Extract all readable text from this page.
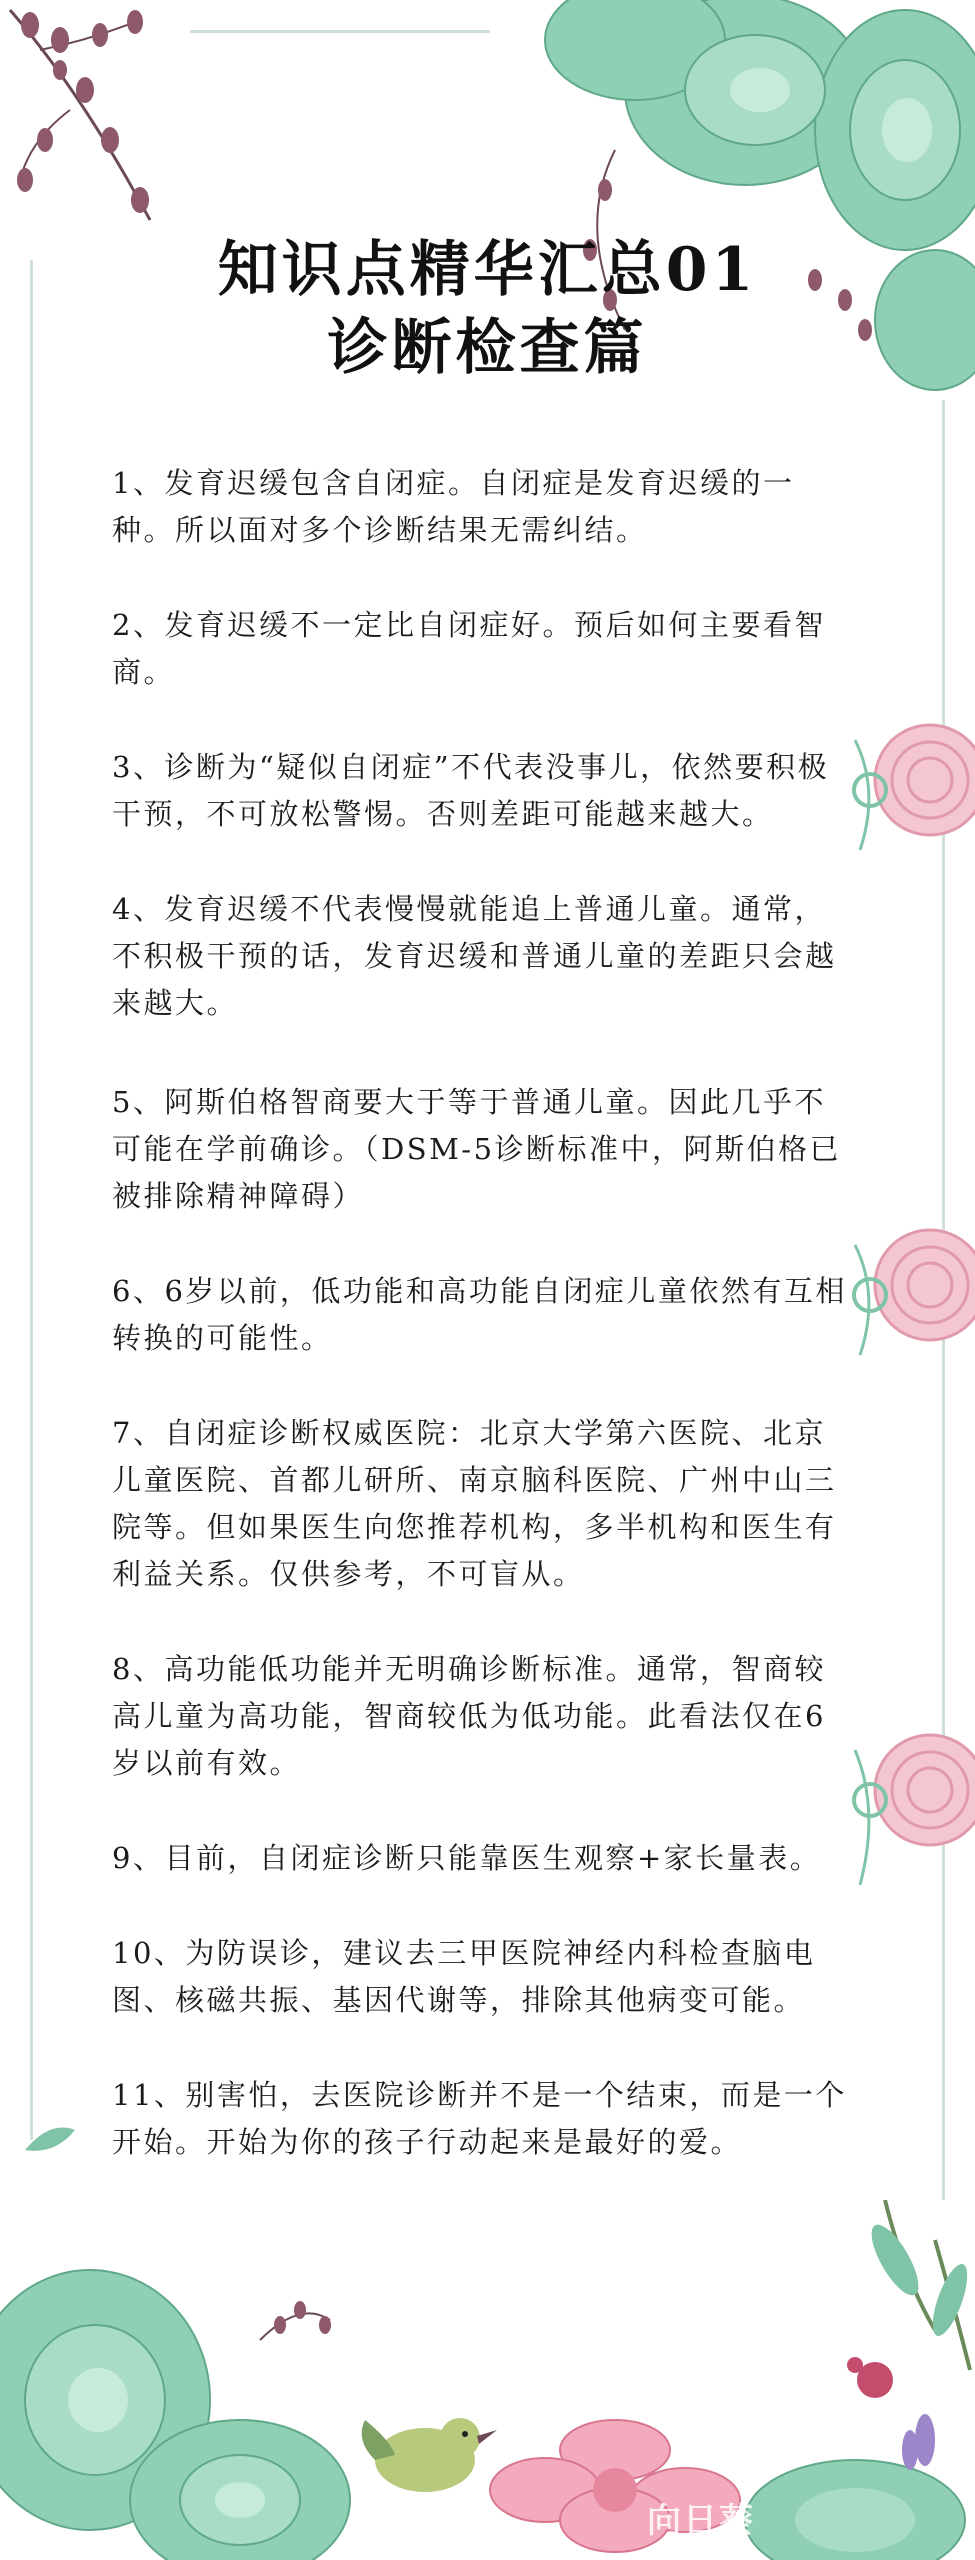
知识点精华汇总01
诊断检查篇

1、发育迟缓包含自闭症。自闭症是发育迟缓的一种。所以面对多个诊断结果无需纠结。

2、发育迟缓不一定比自闭症好。预后如何主要看智商。

3、诊断为“疑似自闭症”不代表没事儿，依然要积极干预，不可放松警惕。否则差距可能越来越大。

4、发育迟缓不代表慢慢就能追上普通儿童。通常，不积极干预的话，发育迟缓和普通儿童的差距只会越来越大。

5、阿斯伯格智商要大于等于普通儿童。因此几乎不可能在学前确诊。（DSM-5诊断标准中，阿斯伯格已被排除精神障碍）

6、6岁以前，低功能和高功能自闭症儿童依然有互相转换的可能性。

7、自闭症诊断权威医院：北京大学第六医院、北京儿童医院、首都儿研所、南京脑科医院、广州中山三院等。但如果医生向您推荐机构，多半机构和医生有利益关系。仅供参考，不可盲从。

8、高功能低功能并无明确诊断标准。通常，智商较高儿童为高功能，智商较低为低功能。此看法仅在6岁以前有效。

9、目前，自闭症诊断只能靠医生观察+家长量表。

10、为防误诊，建议去三甲医院神经内科检查脑电图、核磁共振、基因代谢等，排除其他病变可能。

11、别害怕，去医院诊断并不是一个结束，而是一个开始。开始为你的孩子行动起来是最好的爱。

向日葵
